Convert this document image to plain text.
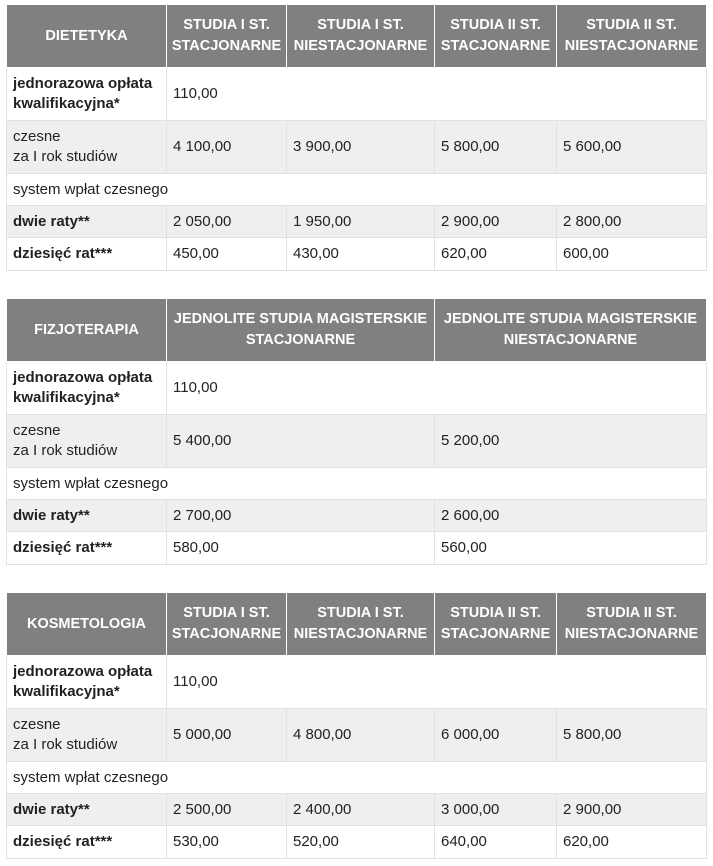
DIETETYKA	STUDIA I ST. STACJONARNE	STUDIA I ST. NIESTACJONARNE	STUDIA II ST. STACJONARNE	STUDIA II ST. NIESTACJONARNE
jednorazowa opłata
kwalifikacyjna*	110,00			
czesne
za I rok studiów	4 100,00	3 900,00	5 800,00	5 600,00
system wpłat czesnego				
dwie raty**	2 050,00	1 950,00	2 900,00	2 800,00
dziesięć rat***	450,00	430,00	620,00	600,00
FIZJOTERAPIA	JEDNOLITE STUDIA MAGISTERSKIE STACJONARNE	JEDNOLITE STUDIA MAGISTERSKIE NIESTACJONARNE
jednorazowa opłata
kwalifikacyjna*	110,00	
czesne
za I rok studiów	5 400,00	5 200,00
system wpłat czesnego		
dwie raty**	2 700,00	2 600,00
dziesięć rat***	580,00	560,00
KOSMETOLOGIA	STUDIA I ST. STACJONARNE	STUDIA I ST. NIESTACJONARNE	STUDIA II ST. STACJONARNE	STUDIA II ST. NIESTACJONARNE
jednorazowa opłata
kwalifikacyjna*	110,00			
czesne
za I rok studiów	5 000,00	4 800,00	6 000,00	5 800,00
system wpłat czesnego				
dwie raty**	2 500,00	2 400,00	3 000,00	2 900,00
dziesięć rat***	530,00	520,00	640,00	620,00
